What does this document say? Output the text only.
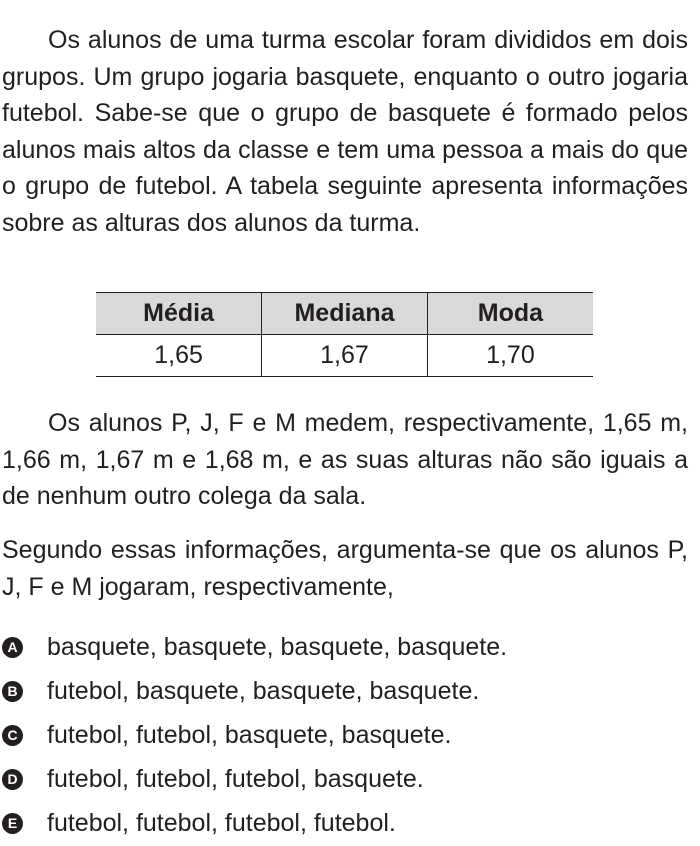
Os alunos de uma turma escolar foram divididos em dois grupos. Um grupo jogaria basquete, enquanto o outro jogaria futebol. Sabe-se que o grupo de basquete é formado pelos alunos mais altos da classe e tem uma pessoa a mais do que o grupo de futebol. A tabela seguinte apresenta informações sobre as alturas dos alunos da turma.

Média	Mediana	Moda
1,65	1,67	1,70

Os alunos P, J, F e M medem, respectivamente, 1,65 m, 1,66 m, 1,67 m e 1,68 m, e as suas alturas não são iguais a de nenhum outro colega da sala.

Segundo essas informações, argumenta-se que os alunos P, J, F e M jogaram, respectivamente,

A basquete, basquete, basquete, basquete.
B futebol, basquete, basquete, basquete.
C futebol, futebol, basquete, basquete.
D futebol, futebol, futebol, basquete.
E futebol, futebol, futebol, futebol.
